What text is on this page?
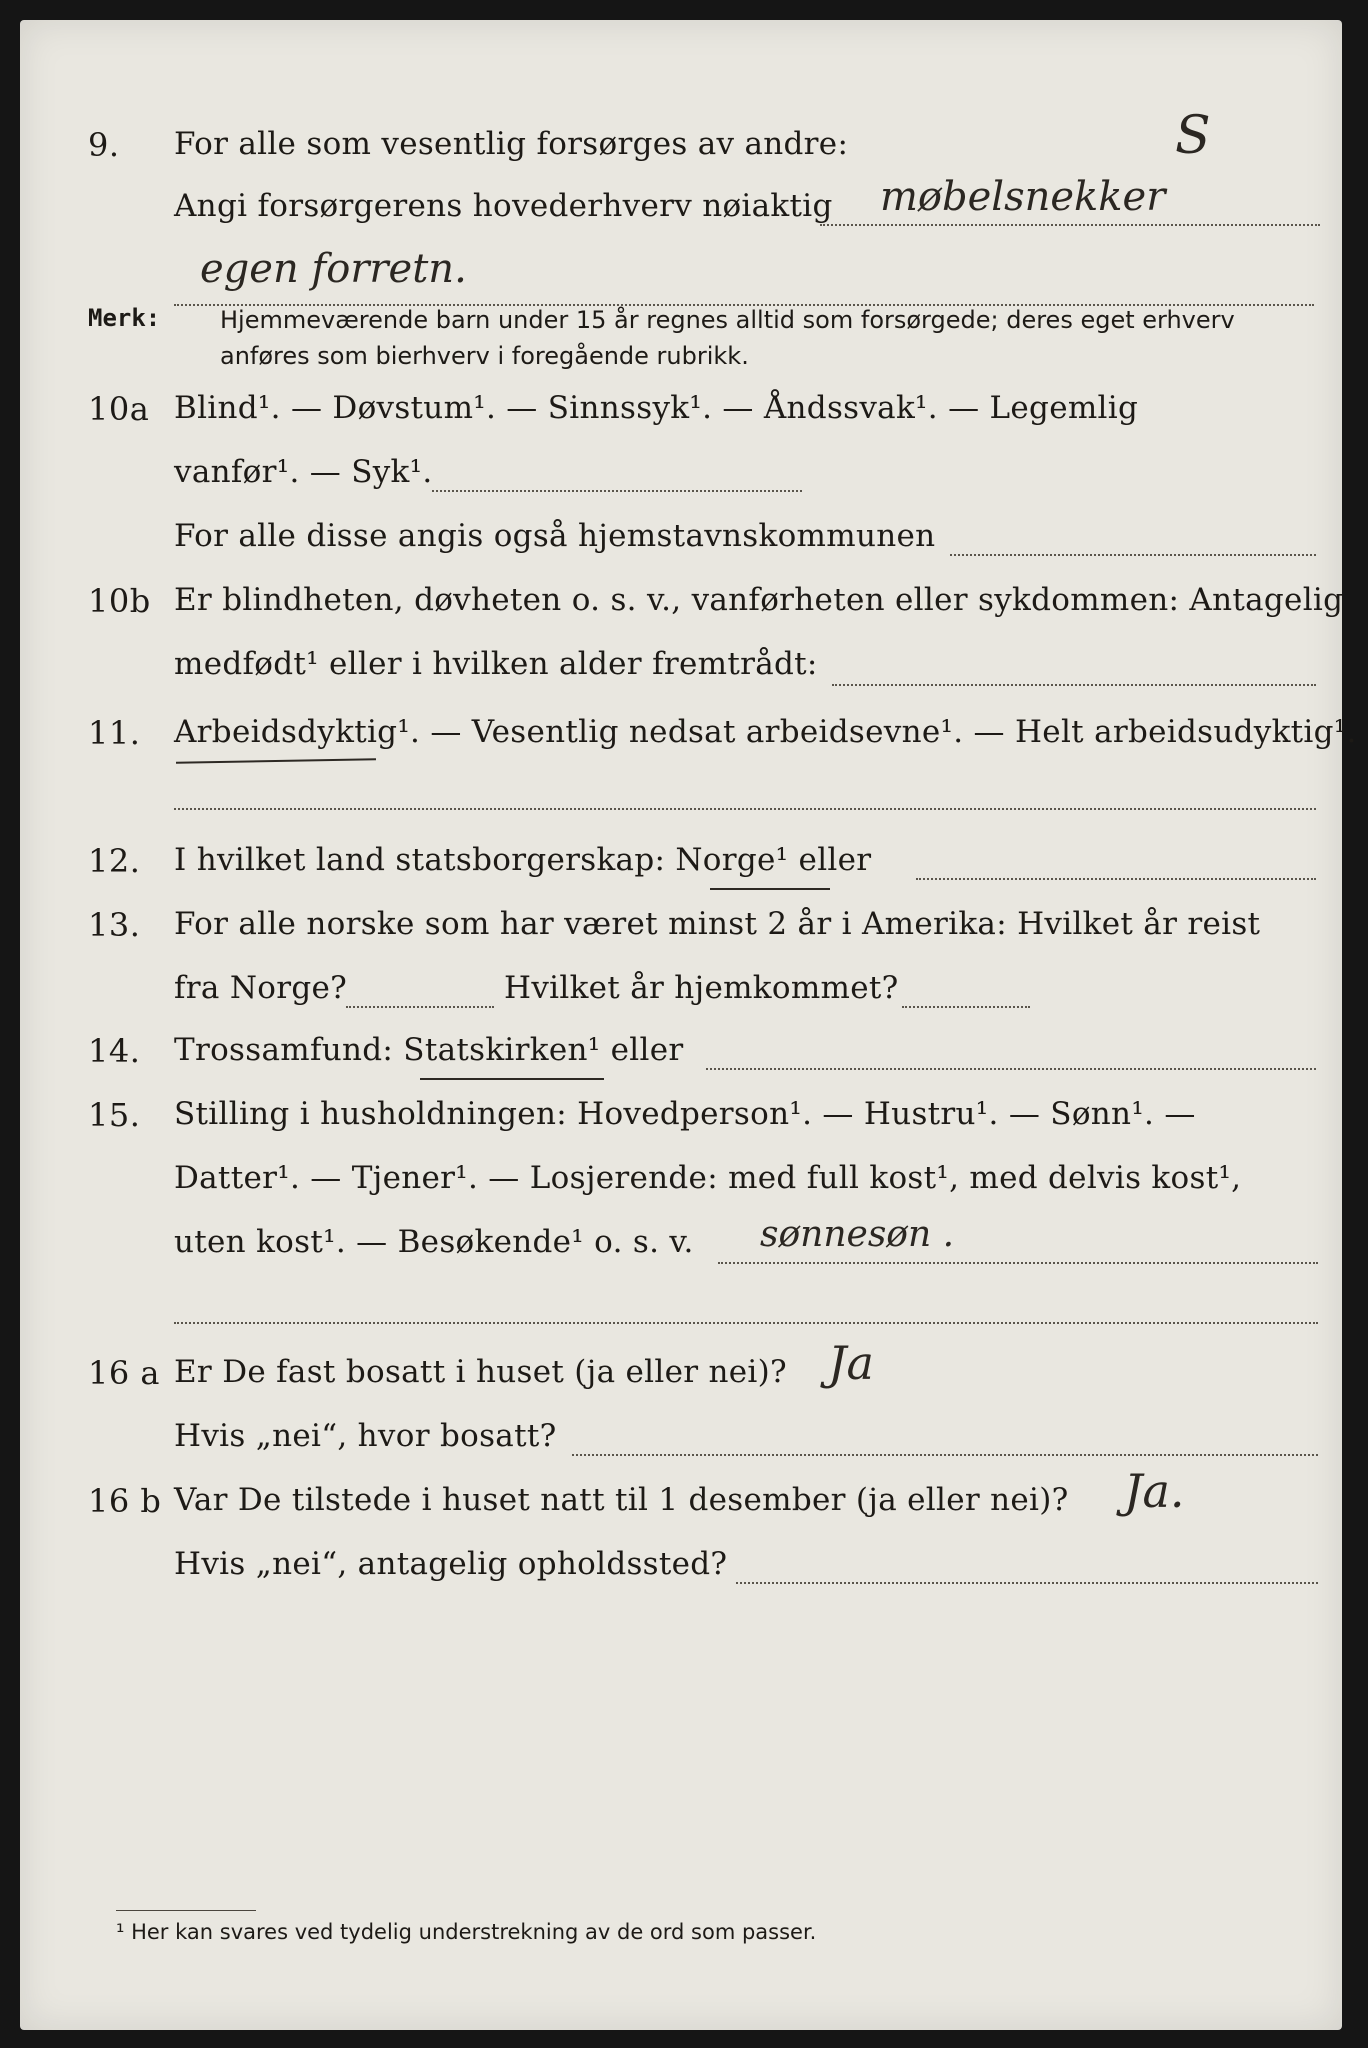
9. For alle som vesentlig forsørges av andre:	S
Angi forsørgerens hovederhverv nøiaktig møbelsnekker
egen forretn.
Merk: Hjemmeværende barn under 15 år regnes alltid som forsørgede; deres eget erhverv
anføres som bierhverv i foregående rubrikk.
10a Blind¹. — Døvstum¹. — Sinnssyk¹. — Åndssvak¹. — Legemlig
vanfør¹. — Syk¹.
For alle disse angis også hjemstavnskommunen
10b Er blindheten, døvheten o. s. v., vanførheten eller sykdommen: Antagelig
medfødt¹ eller i hvilken alder fremtrådt:
11. Arbeidsdyktig¹. — Vesentlig nedsat arbeidsevne¹. — Helt arbeidsudyktig¹.
12. I hvilket land statsborgerskap: Norge¹ eller
13. For alle norske som har været minst 2 år i Amerika: Hvilket år reist
fra Norge?	Hvilket år hjemkommet?
14. Trossamfund: Statskirken¹ eller
15. Stilling i husholdningen: Hovedperson¹. — Hustru¹. — Sønn¹. —
Datter¹. — Tjener¹. — Losjerende: med full kost¹, med delvis kost¹,
uten kost¹. — Besøkende¹ o. s. v. sønnesøn .
16 a Er De fast bosatt i huset (ja eller nei)? Ja
Hvis „nei“, hvor bosatt?
16 b Var De tilstede i huset natt til 1 desember (ja eller nei)? Ja.
Hvis „nei“, antagelig opholdssted?
¹ Her kan svares ved tydelig understrekning av de ord som passer.
